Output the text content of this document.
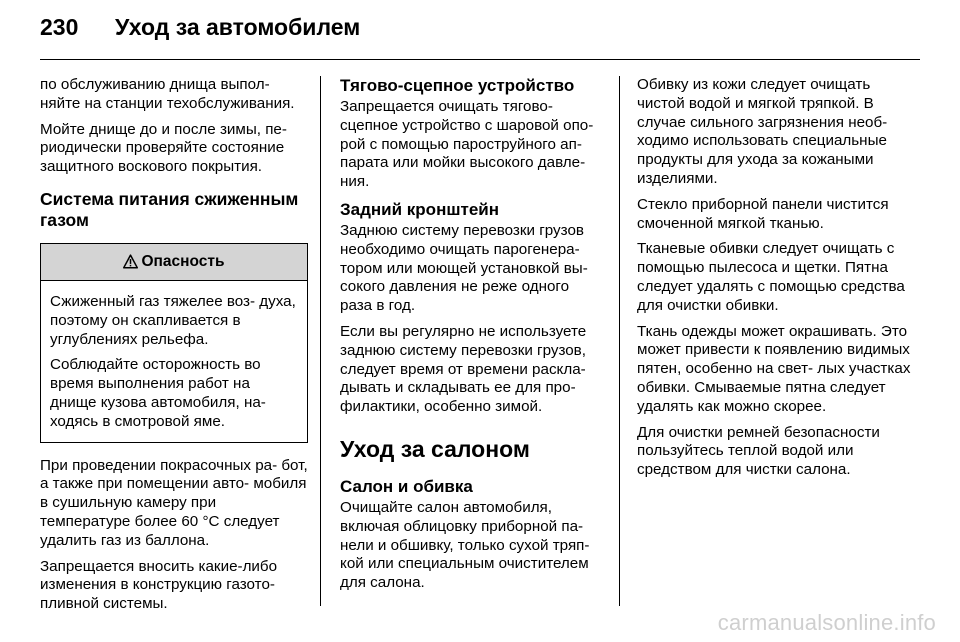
230	Уход за автомобилем

по обслуживанию днища выпол- няйте на станции техобслуживания.

Мойте днище до и после зимы, пе- риодически проверяйте состояние защитного воскового покрытия.

Система питания сжиженным газом
Опасность

Сжиженный газ тяжелее воз- духа, поэтому он скапливается в углублениях рельефа.

Соблюдайте осторожность во время выполнения работ на днище кузова автомобиля, на- ходясь в смотровой яме.

При проведении покрасочных ра- бот, а также при помещении авто- мобиля в сушильную камеру при температуре более 60 °C следует удалить газ из баллона.

Запрещается вносить какие-либо изменения в конструкцию газото- пливной системы.

Тягово-сцепное устройство

Запрещается очищать тягово- сцепное устройство с шаровой опо- рой с помощью пароструйного ап- парата или мойки высокого давле- ния.

Задний кронштейн

Заднюю систему перевозки грузов необходимо очищать парогенера- тором или моющей установкой вы- сокого давления не реже одного раза в год.

Если вы регулярно не используете заднюю систему перевозки грузов, следует время от времени раскла- дывать и складывать ее для про- филактики, особенно зимой.

Уход за салоном
Салон и обивка

Очищайте салон автомобиля, включая облицовку приборной па- нели и обшивку, только сухой тряп- кой или специальным очистителем для салона.

Обивку из кожи следует очищать чистой водой и мягкой тряпкой. В случае сильного загрязнения необ- ходимо использовать специальные продукты для ухода за кожаными изделиями.

Стекло приборной панели чистится смоченной мягкой тканью.

Тканевые обивки следует очищать с помощью пылесоса и щетки. Пятна следует удалять с помощью средства для очистки обивки.

Ткань одежды может окрашивать. Это может привести к появлению видимых пятен, особенно на свет- лых участках обивки. Смываемые пятна следует удалять как можно скорее.

Для очистки ремней безопасности пользуйтесь теплой водой или средством для чистки салона.

carmanualsonline.info
